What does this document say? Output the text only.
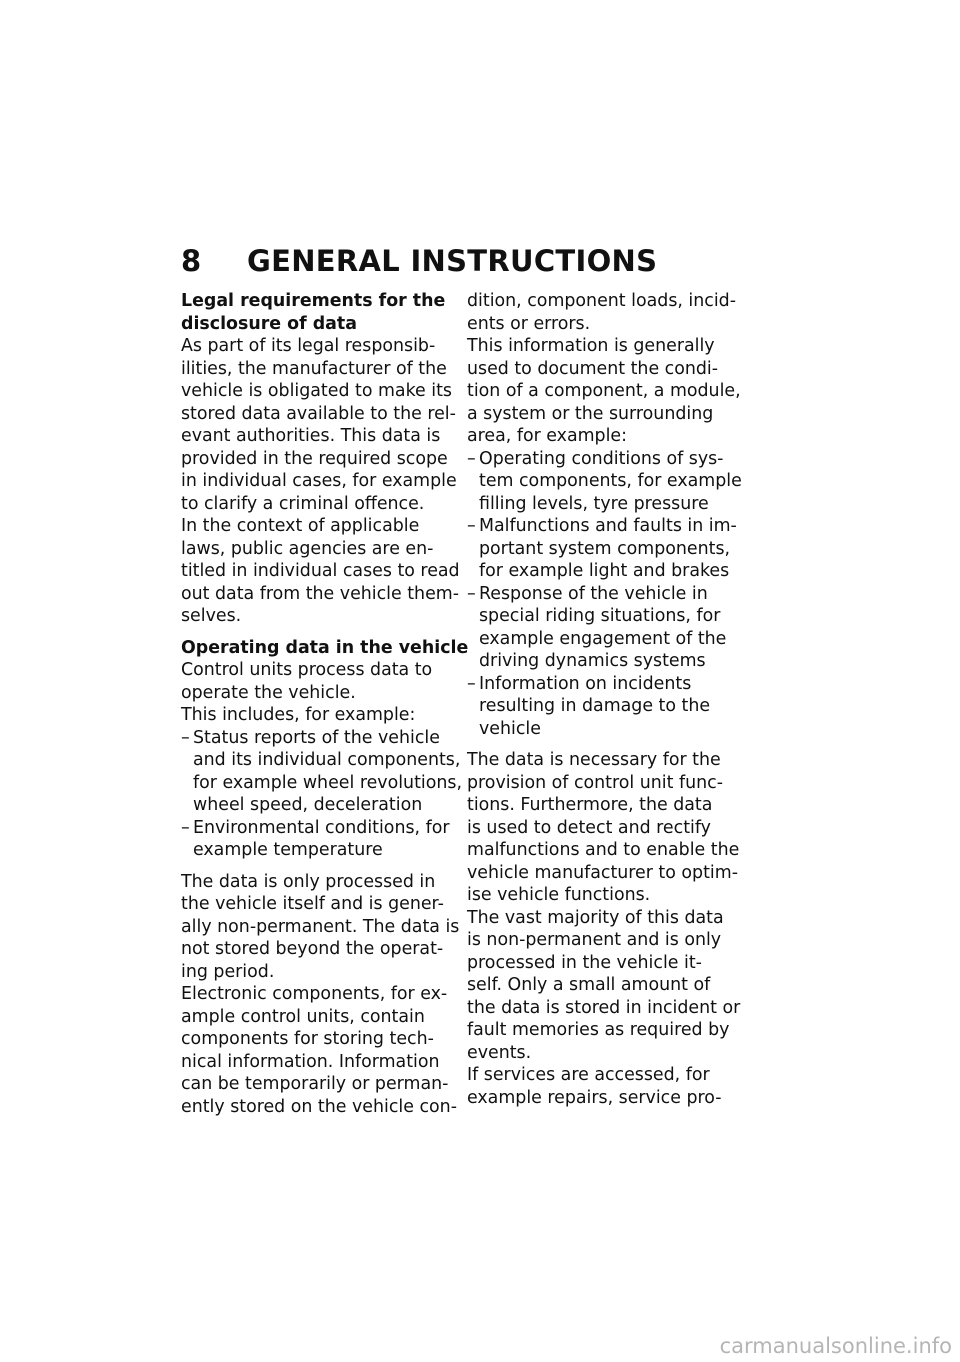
8 GENERAL INSTRUCTIONS
Legal requirements for the
disclosure of data
As part of its legal responsib-
ilities, the manufacturer of the
vehicle is obligated to make its
stored data available to the rel-
evant authorities. This data is
provided in the required scope
in individual cases, for example
to clarify a criminal offence.
In the context of applicable
laws, public agencies are en-
titled in individual cases to read
out data from the vehicle them-
selves.
Operating data in the vehicle
Control units process data to
operate the vehicle.
This includes, for example:
– Status reports of the vehicle
and its individual components,
for example wheel revolutions,
wheel speed, deceleration
– Environmental conditions, for
example temperature
The data is only processed in
the vehicle itself and is gener-
ally non-permanent. The data is
not stored beyond the operat-
ing period.
Electronic components, for ex-
ample control units, contain
components for storing tech-
nical information. Information
can be temporarily or perman-
ently stored on the vehicle con-
dition, component loads, incid-
ents or errors.
This information is generally
used to document the condi-
tion of a component, a module,
a system or the surrounding
area, for example:
– Operating conditions of sys-
tem components, for example
filling levels, tyre pressure
– Malfunctions and faults in im-
portant system components,
for example light and brakes
– Response of the vehicle in
special riding situations, for
example engagement of the
driving dynamics systems
– Information on incidents
resulting in damage to the
vehicle
The data is necessary for the
provision of control unit func-
tions. Furthermore, the data
is used to detect and rectify
malfunctions and to enable the
vehicle manufacturer to optim-
ise vehicle functions.
The vast majority of this data
is non-permanent and is only
processed in the vehicle it-
self. Only a small amount of
the data is stored in incident or
fault memories as required by
events.
If services are accessed, for
example repairs, service pro-
carmanualsonline.info
